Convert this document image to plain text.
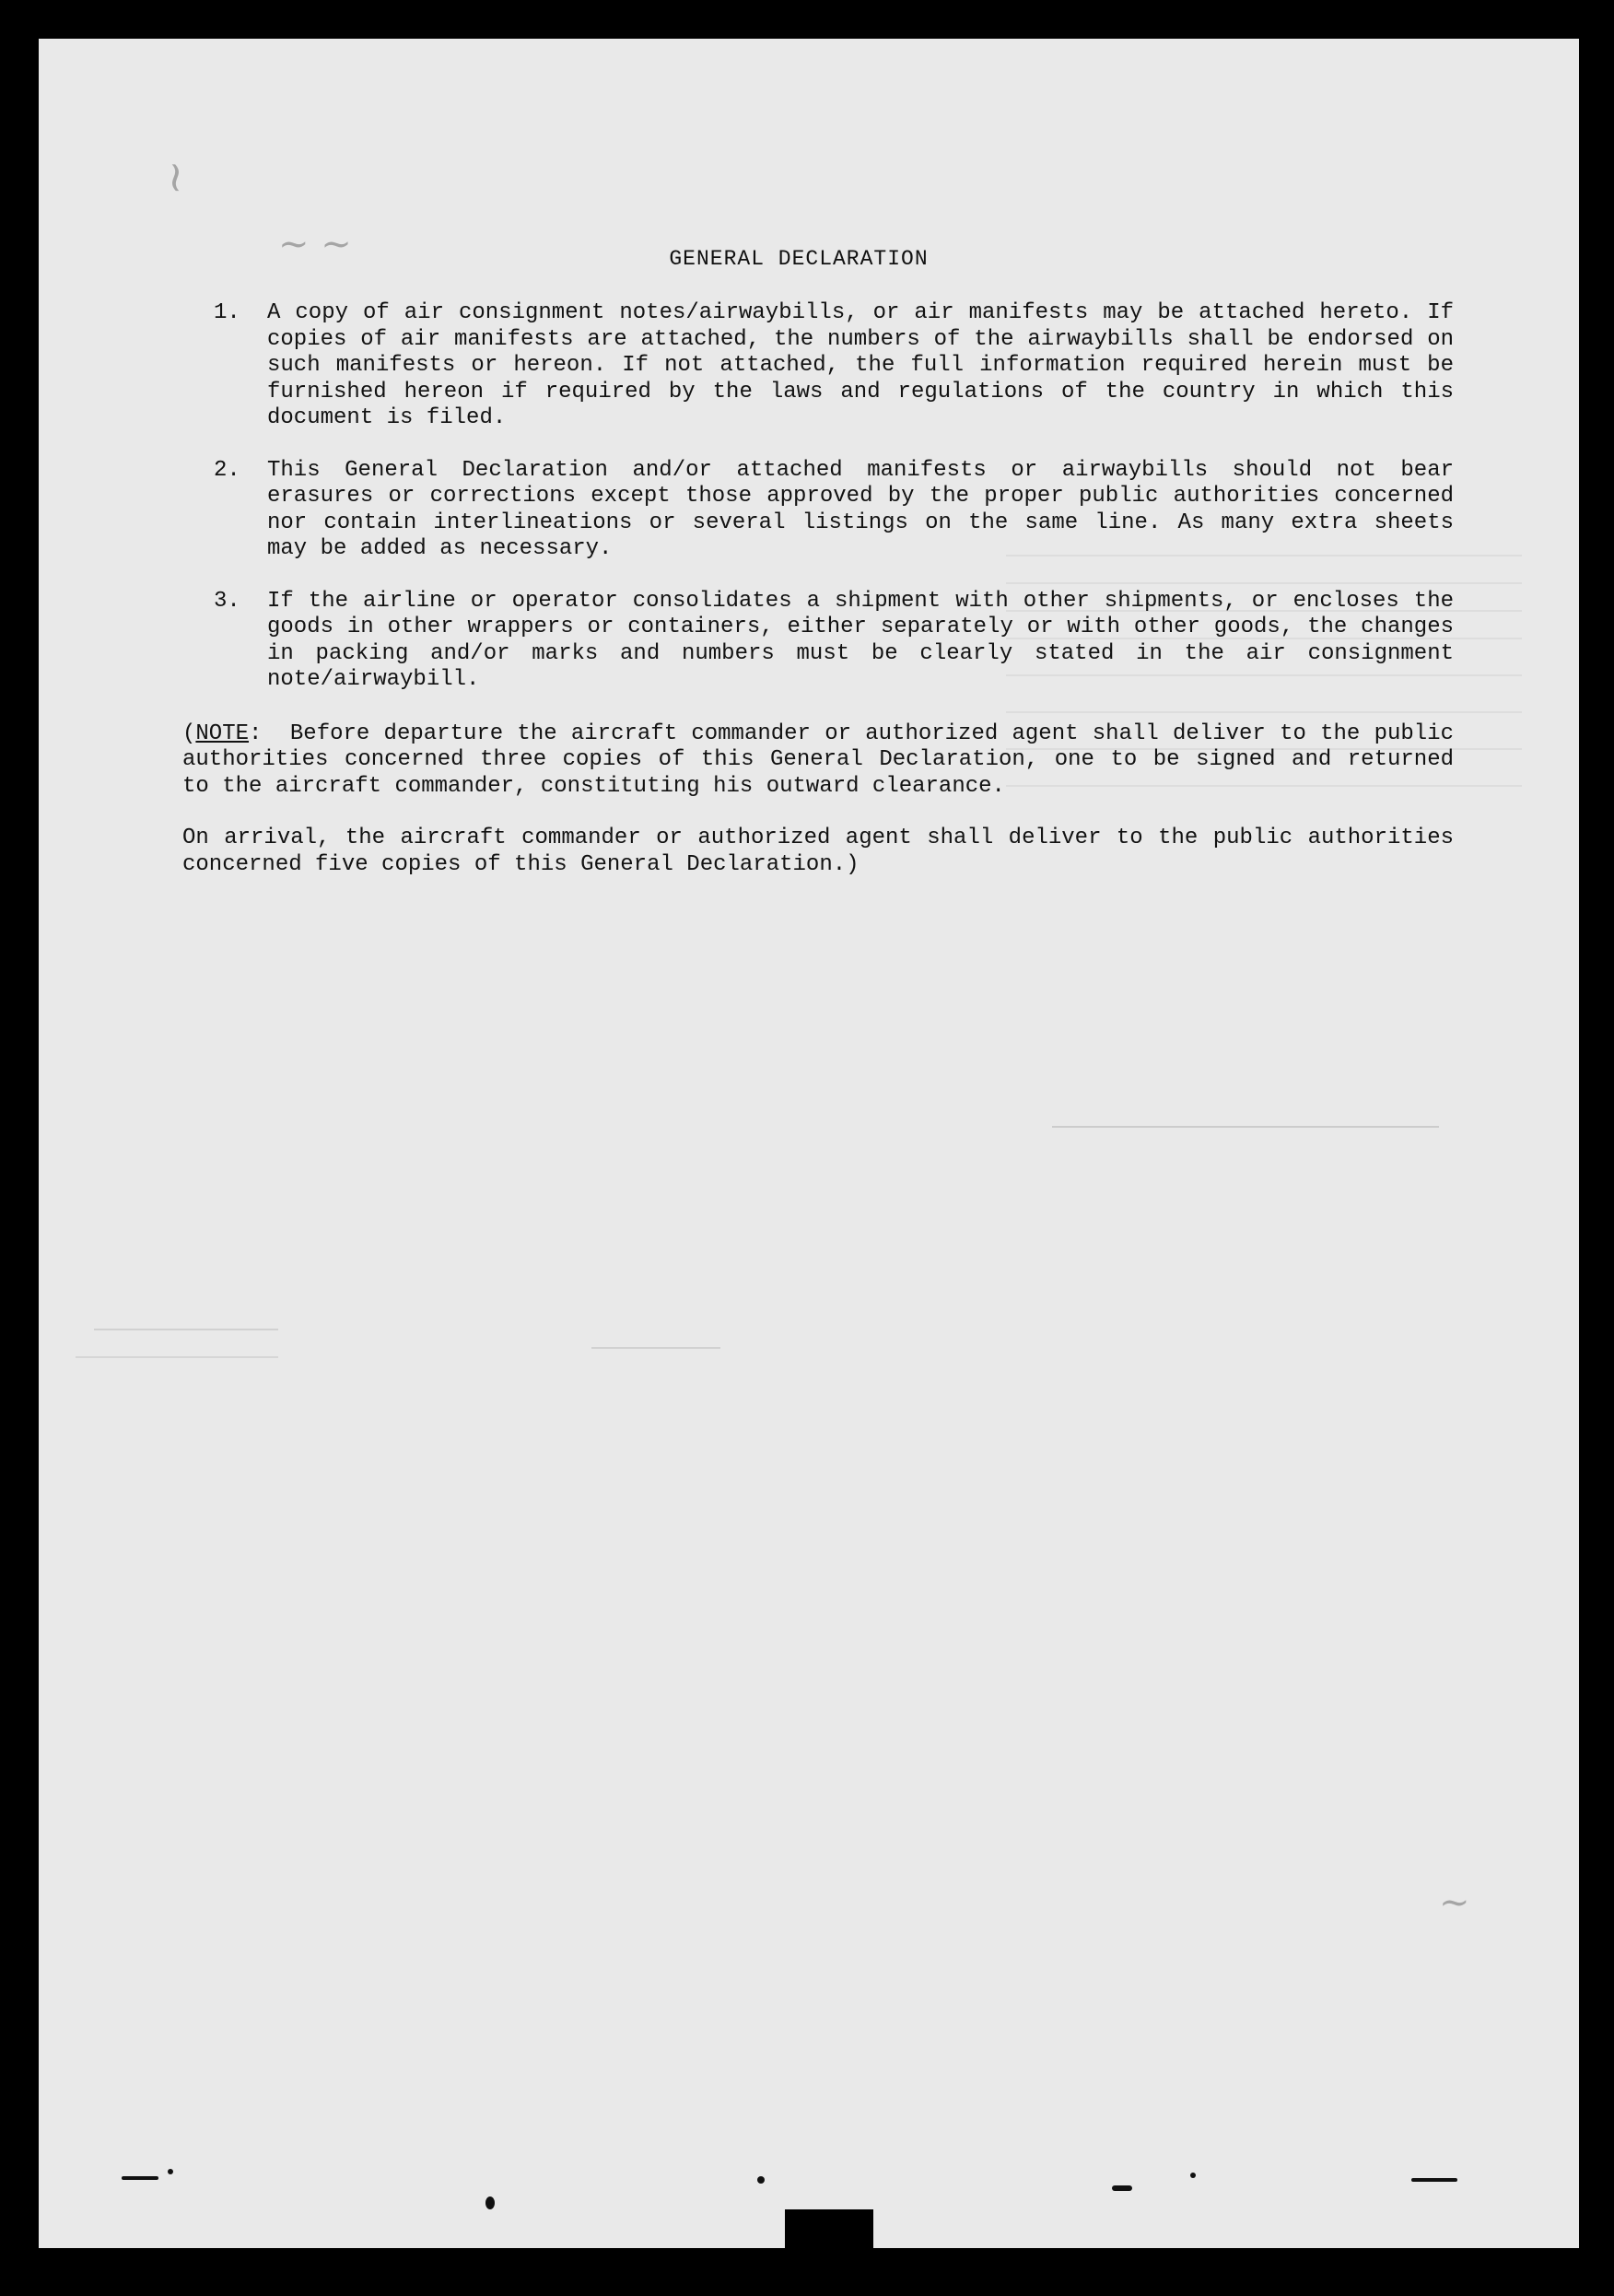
~
~ ~
~
GENERAL DECLARATION
1.	A copy of air consignment notes/airwaybills, or air manifests may be attached hereto. If copies of air manifests are attached, the numbers of the airwaybills shall be endorsed on such manifests or hereon. If not attached, the full information required herein must be furnished hereon if required by the laws and regulations of the country in which this document is filed.
2.	This General Declaration and/or attached manifests or airwaybills should not bear erasures or corrections except those approved by the proper public authorities concerned nor contain interlineations or several listings on the same line. As many extra sheets may be added as necessary.
3.	If the airline or operator consolidates a shipment with other shipments, or encloses the goods in other wrappers or containers, either separately or with other goods, the changes in packing and/or marks and numbers must be clearly stated in the air consignment note/airwaybill.
(NOTE: Before departure the aircraft commander or authorized agent shall deliver to the public authorities concerned three copies of this General Declaration, one to be signed and returned to the aircraft commander, constituting his outward clearance.
On arrival, the aircraft commander or authorized agent shall deliver to the public authorities concerned five copies of this General Declaration.)
